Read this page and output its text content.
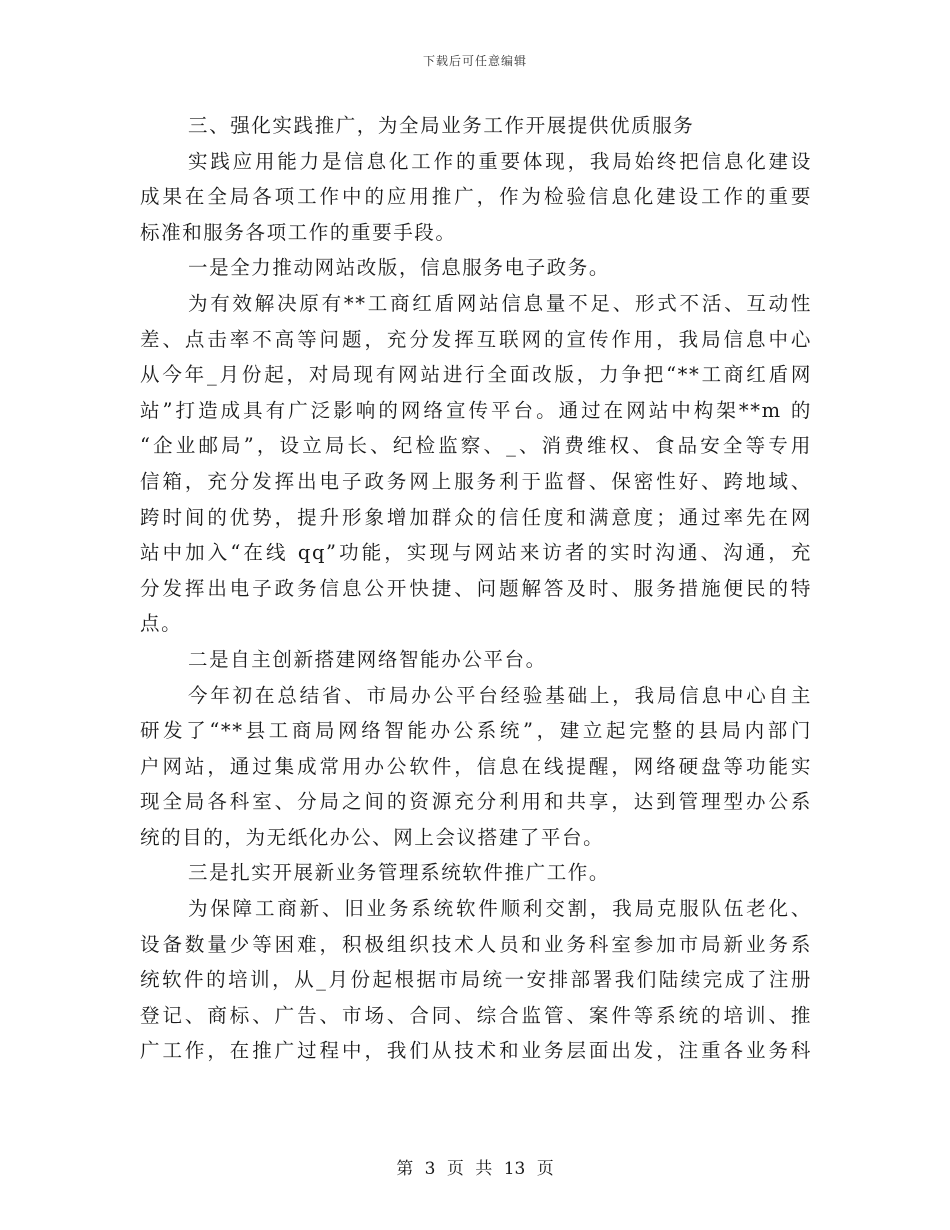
下载后可任意编辑
三、强化实践推广，为全局业务工作开展提供优质服务
实践应用能力是信息化工作的重要体现，我局始终把信息化建设
成果在全局各项工作中的应用推广，作为检验信息化建设工作的重要
标准和服务各项工作的重要手段。
一是全力推动网站改版，信息服务电子政务。
为有效解决原有**工商红盾网站信息量不足、形式不活、互动性
差、点击率不高等问题，充分发挥互联网的宣传作用，我局信息中心
从今年_月份起，对局现有网站进行全面改版，力争把“**工商红盾网
站”打造成具有广泛影响的网络宣传平台。通过在网站中构架**m 的
“企业邮局”，设立局长、纪检监察、_、消费维权、食品安全等专用
信箱，充分发挥出电子政务网上服务利于监督、保密性好、跨地域、
跨时间的优势，提升形象增加群众的信任度和满意度；通过率先在网
站中加入“在线 qq”功能，实现与网站来访者的实时沟通、沟通，充
分发挥出电子政务信息公开快捷、问题解答及时、服务措施便民的特
点。
二是自主创新搭建网络智能办公平台。
今年初在总结省、市局办公平台经验基础上，我局信息中心自主
研发了“**县工商局网络智能办公系统”，建立起完整的县局内部门
户网站，通过集成常用办公软件，信息在线提醒，网络硬盘等功能实
现全局各科室、分局之间的资源充分利用和共享，达到管理型办公系
统的目的，为无纸化办公、网上会议搭建了平台。
三是扎实开展新业务管理系统软件推广工作。
为保障工商新、旧业务系统软件顺利交割，我局克服队伍老化、
设备数量少等困难，积极组织技术人员和业务科室参加市局新业务系
统软件的培训，从_月份起根据市局统一安排部署我们陆续完成了注册
登记、商标、广告、市场、合同、综合监管、案件等系统的培训、推
广工作，在推广过程中，我们从技术和业务层面出发，注重各业务科
第 3 页 共 13 页
